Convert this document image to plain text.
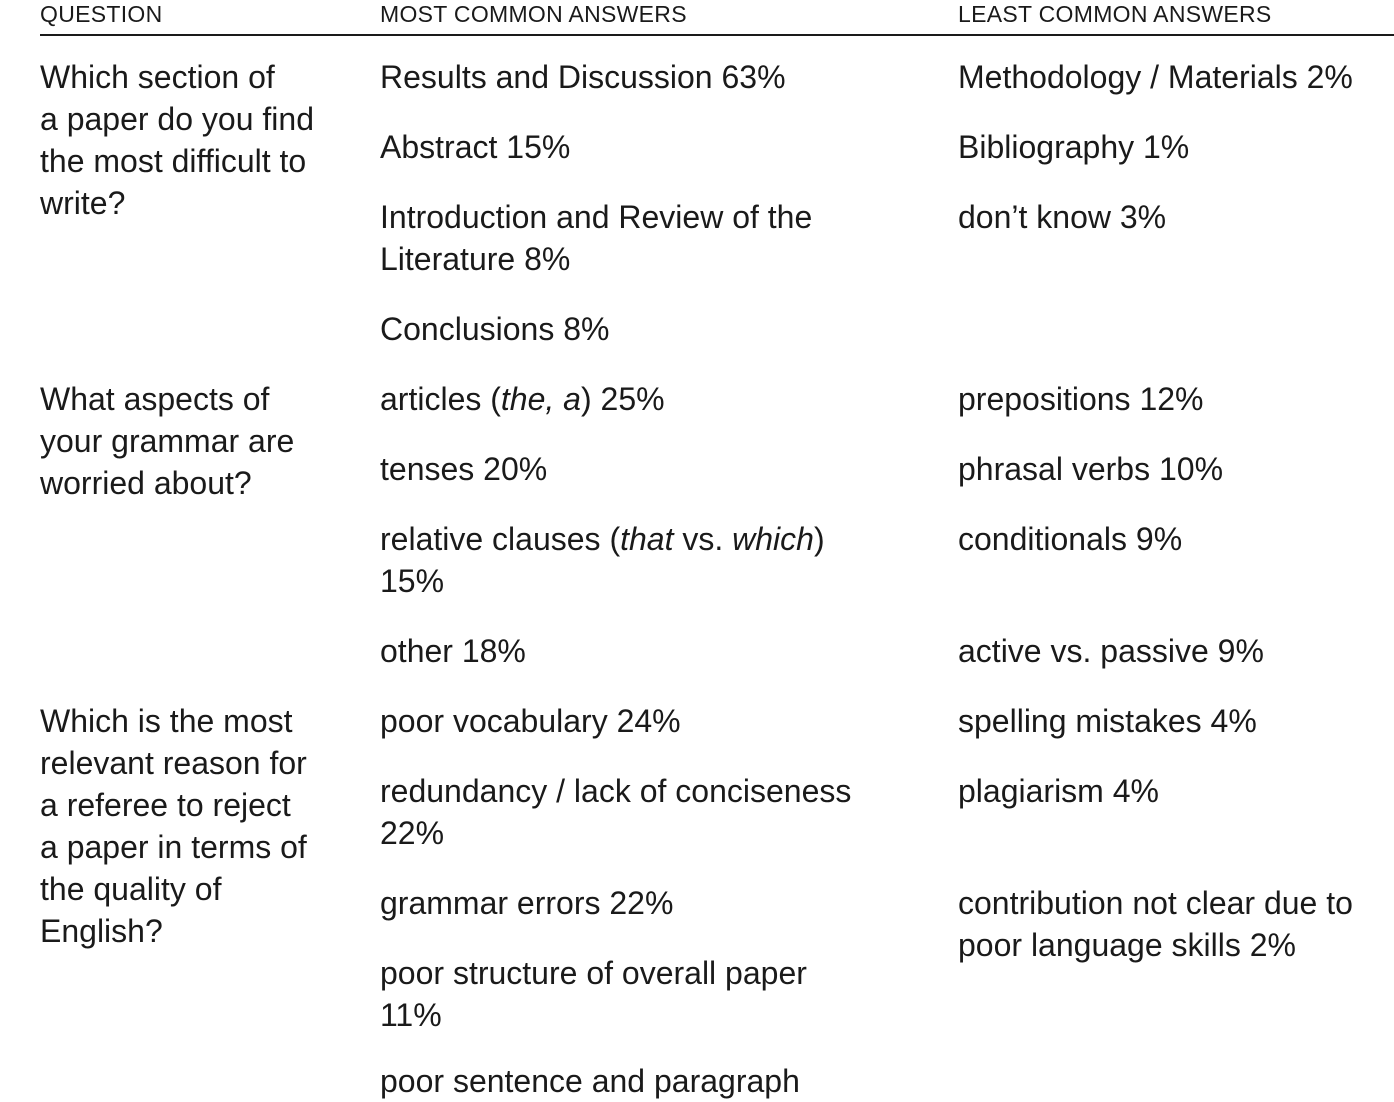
QUESTION	MOST COMMON ANSWERS	LEAST COMMON ANSWERS
Which section of
a paper do you find
the most difficult to
write?
Results and Discussion 63%
Abstract 15%
Introduction and Review of the
Literature 8%
Conclusions 8%
Methodology / Materials 2%
Bibliography 1%
don’t know 3%
What aspects of
your grammar are
worried about?
articles (the, a) 25%
tenses 20%
relative clauses (that vs. which)
15%
other 18%
prepositions 12%
phrasal verbs 10%
conditionals 9%
active vs. passive 9%
Which is the most
relevant reason for
a referee to reject
a paper in terms of
the quality of
English?
poor vocabulary 24%
redundancy / lack of conciseness
22%
grammar errors 22%
poor structure of overall paper
11%
poor sentence and paragraph
spelling mistakes 4%
plagiarism 4%
contribution not clear due to
poor language skills 2%
